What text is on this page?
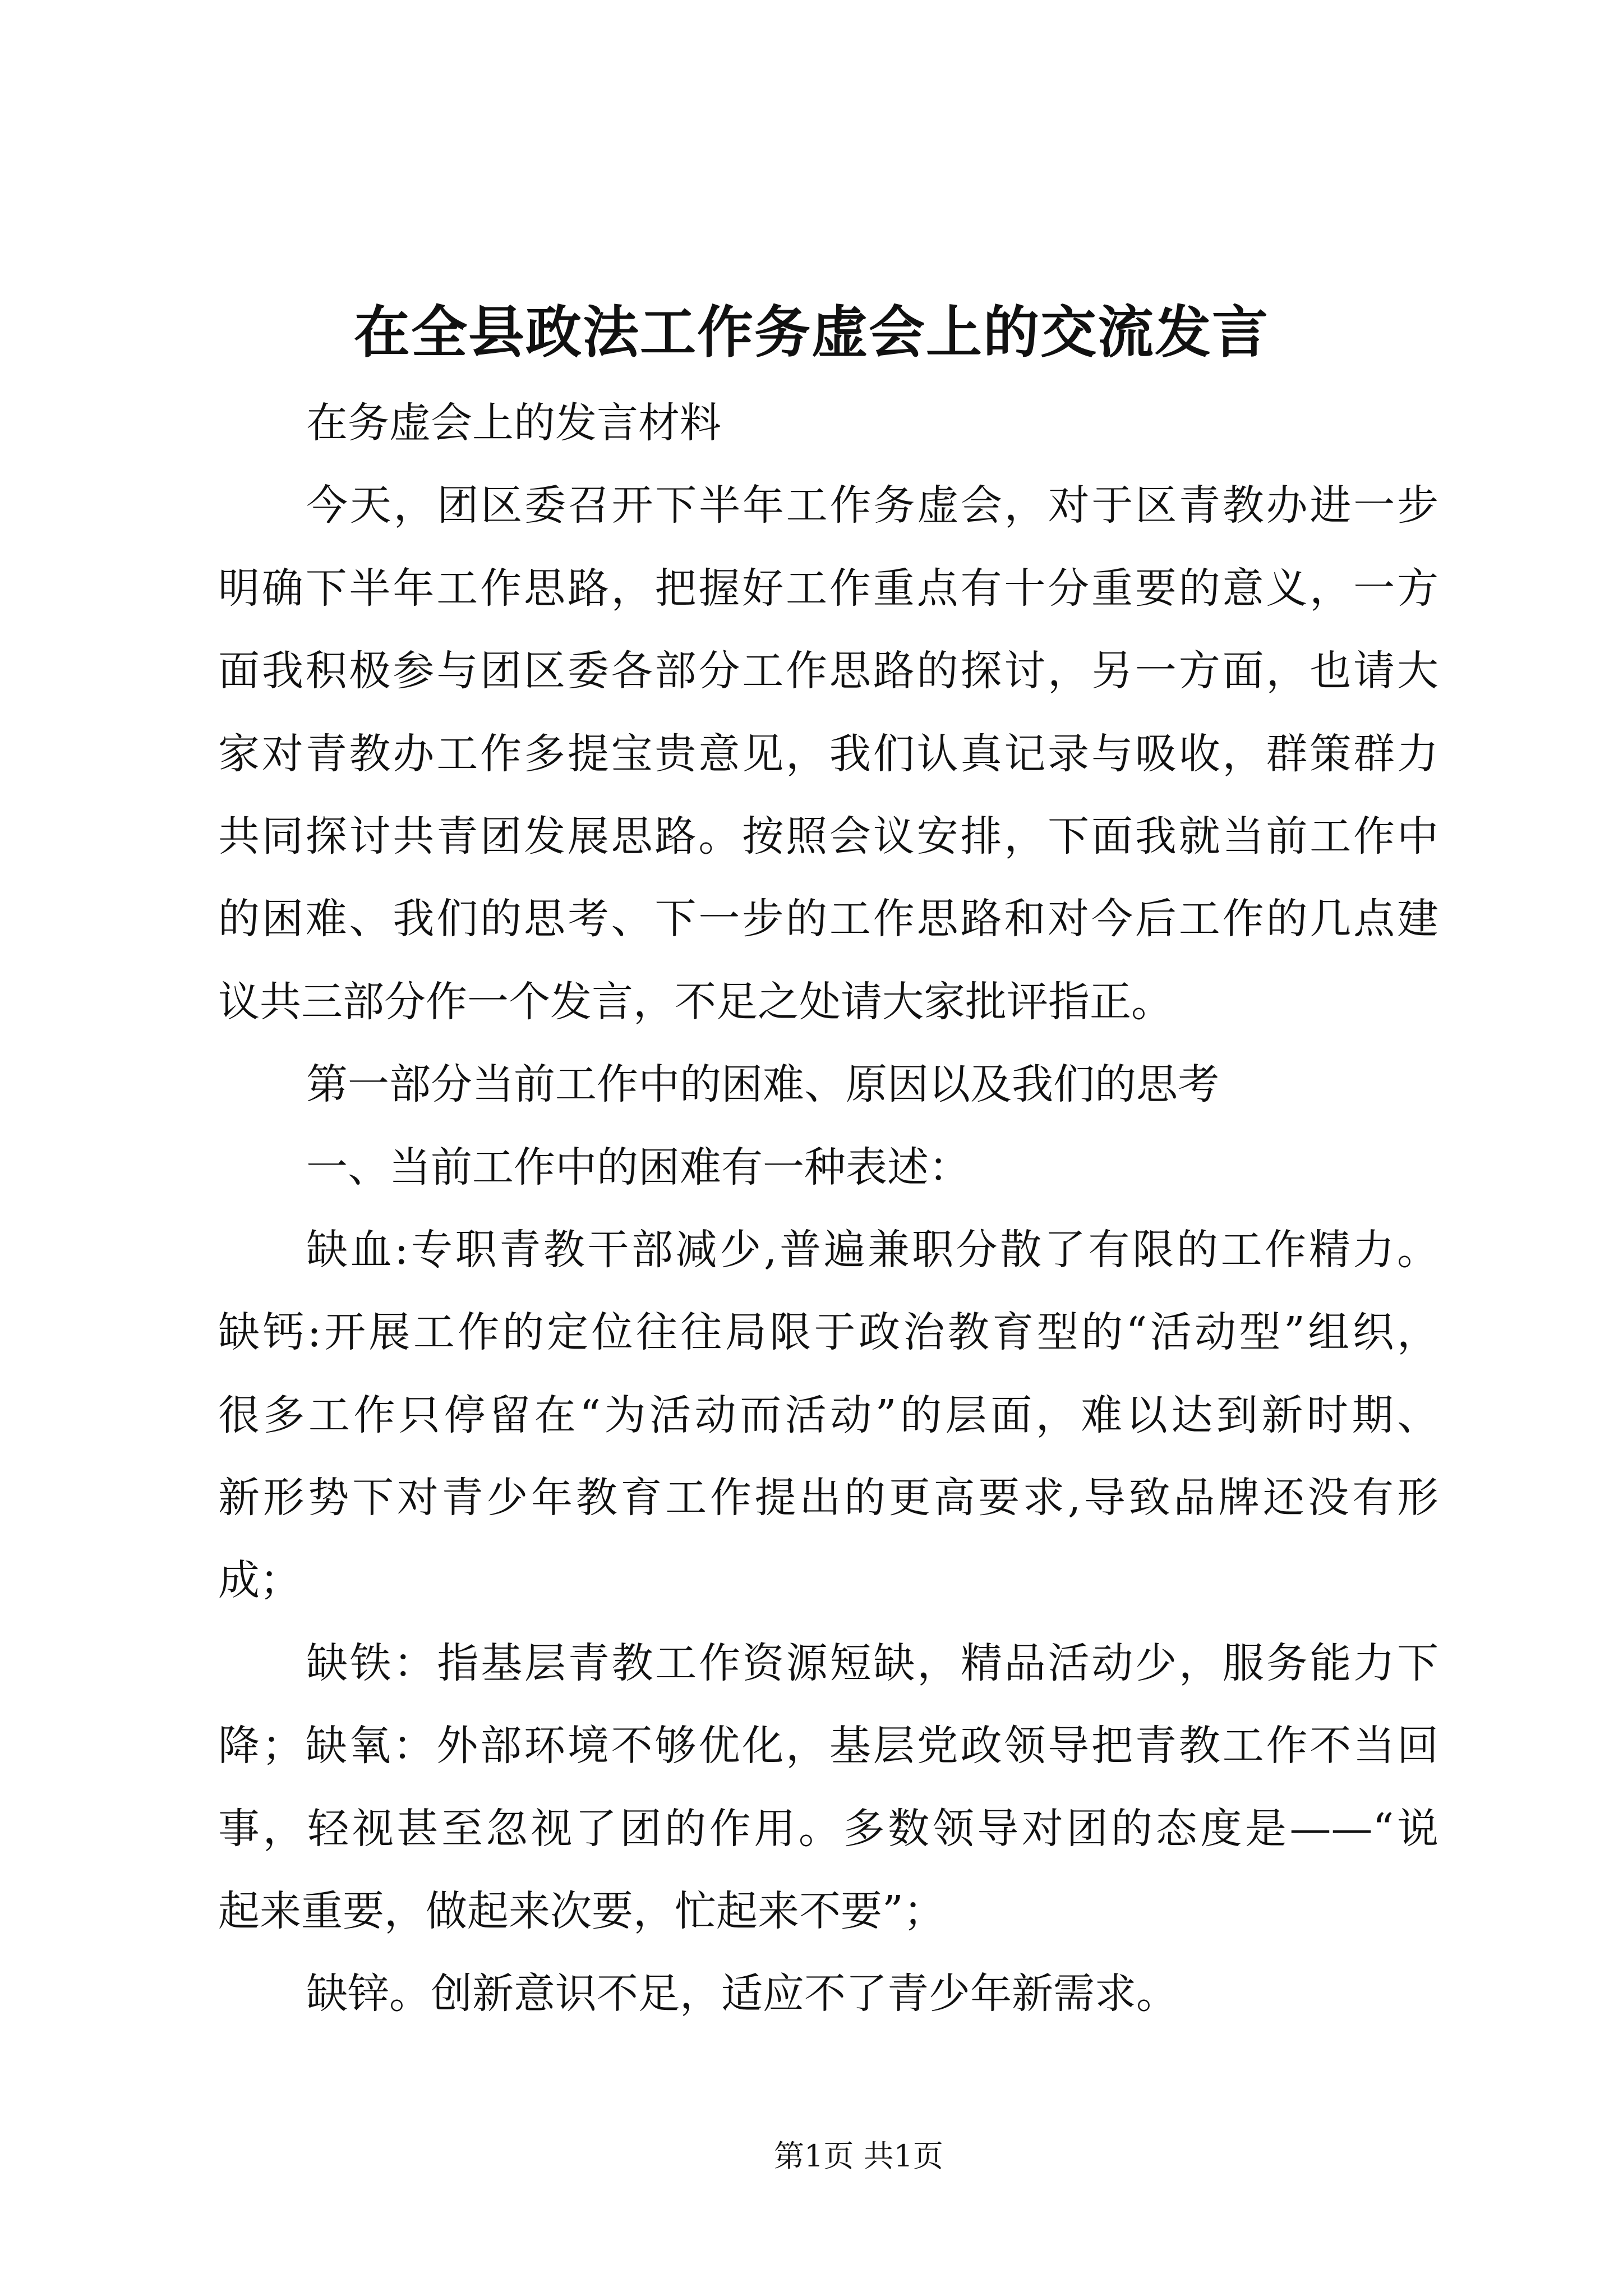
在全县政法工作务虚会上的交流发言
在务虚会上的发言材料
今天，团区委召开下半年工作务虚会，对于区青教办进一步
明确下半年工作思路，把握好工作重点有十分重要的意义，一方
面我积极参与团区委各部分工作思路的探讨，另一方面，也请大
家对青教办工作多提宝贵意见，我们认真记录与吸收，群策群力
共同探讨共青团发展思路。按照会议安排，下面我就当前工作中
的困难、我们的思考、下一步的工作思路和对今后工作的几点建
议共三部分作一个发言，不足之处请大家批评指正。
第一部分当前工作中的困难、原因以及我们的思考
一、当前工作中的困难有一种表述：
缺血:专职青教干部减少,普遍兼职分散了有限的工作精力。
缺钙:开展工作的定位往往局限于政治教育型的“活动型”组织，
很多工作只停留在“为活动而活动”的层面，难以达到新时期、
新形势下对青少年教育工作提出的更高要求,导致品牌还没有形
成；
缺铁：指基层青教工作资源短缺，精品活动少，服务能力下
降；缺氧：外部环境不够优化，基层党政领导把青教工作不当回
事，轻视甚至忽视了团的作用。多数领导对团的态度是——“说
起来重要，做起来次要，忙起来不要”；
缺锌。创新意识不足，适应不了青少年新需求。
第1页 共1页
